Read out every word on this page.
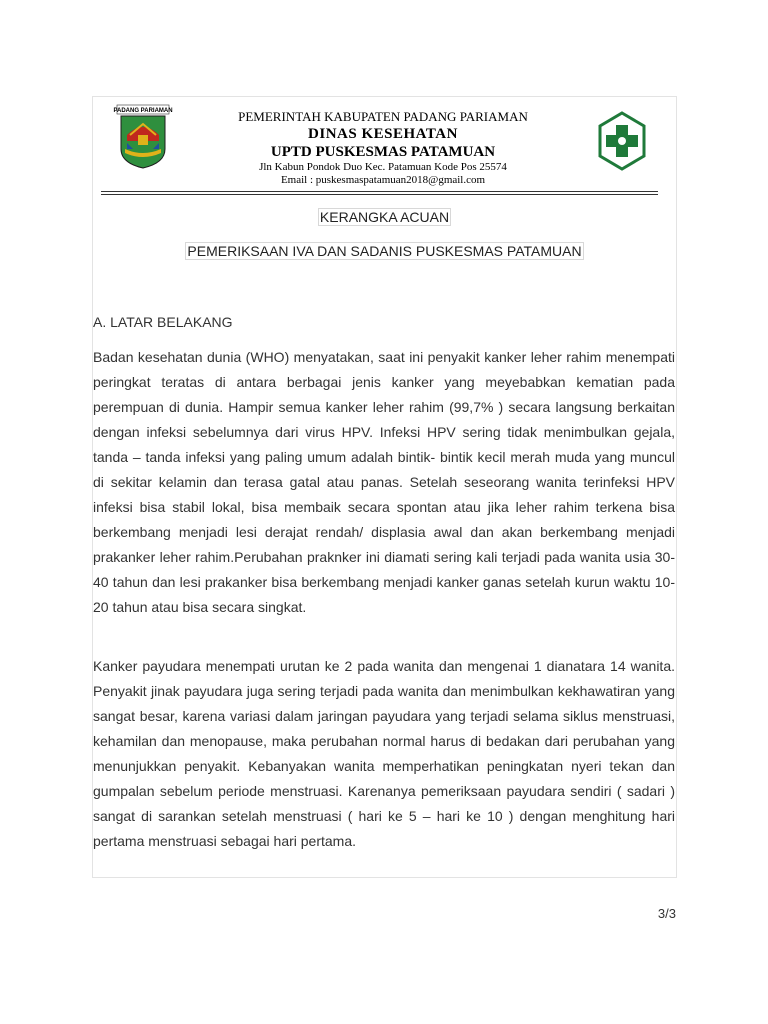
PADANG PARIAMAN	PEMERINTAH KABUPATEN PADANG PARIAMAN
DINAS KESEHATAN
UPTD PUSKESMAS PATAMUAN
Jln Kabun Pondok Duo Kec. Patamuan Kode Pos 25574
Email : puskesmaspatamuan2018@gmail.com
KERANGKA ACUAN
PEMERIKSAAN IVA DAN SADANIS PUSKESMAS PATAMUAN
A. LATAR BELAKANG

Badan kesehatan dunia (WHO) menyatakan, saat ini penyakit kanker leher rahim menempati peringkat teratas di antara berbagai jenis kanker yang meyebabkan kematian pada perempuan di dunia. Hampir semua kanker leher rahim (99,7% ) secara langsung berkaitan dengan infeksi sebelumnya dari virus HPV. Infeksi HPV sering tidak menimbulkan gejala, tanda – tanda infeksi yang paling umum adalah bintik- bintik kecil merah muda yang muncul di sekitar kelamin dan terasa gatal atau panas. Setelah seseorang wanita terinfeksi HPV infeksi bisa stabil lokal, bisa membaik secara spontan atau jika leher rahim terkena bisa berkembang menjadi lesi derajat rendah/ displasia awal dan akan berkembang menjadi prakanker leher rahim.Perubahan praknker ini diamati sering kali terjadi pada wanita usia 30-40 tahun dan lesi prakanker bisa berkembang menjadi kanker ganas setelah kurun waktu 10-20 tahun atau bisa secara singkat.

Kanker payudara menempati urutan ke 2 pada wanita dan mengenai 1 dianatara 14 wanita. Penyakit jinak payudara juga sering terjadi pada wanita dan menimbulkan kekhawatiran yang sangat besar, karena variasi dalam jaringan payudara yang terjadi selama siklus menstruasi, kehamilan dan menopause, maka perubahan normal harus di bedakan dari perubahan yang menunjukkan penyakit. Kebanyakan wanita memperhatikan peningkatan nyeri tekan dan gumpalan sebelum periode menstruasi. Karenanya pemeriksaan payudara sendiri ( sadari ) sangat di sarankan setelah menstruasi ( hari ke 5 – hari ke 10 ) dengan menghitung hari pertama menstruasi sebagai hari pertama.

3/3
